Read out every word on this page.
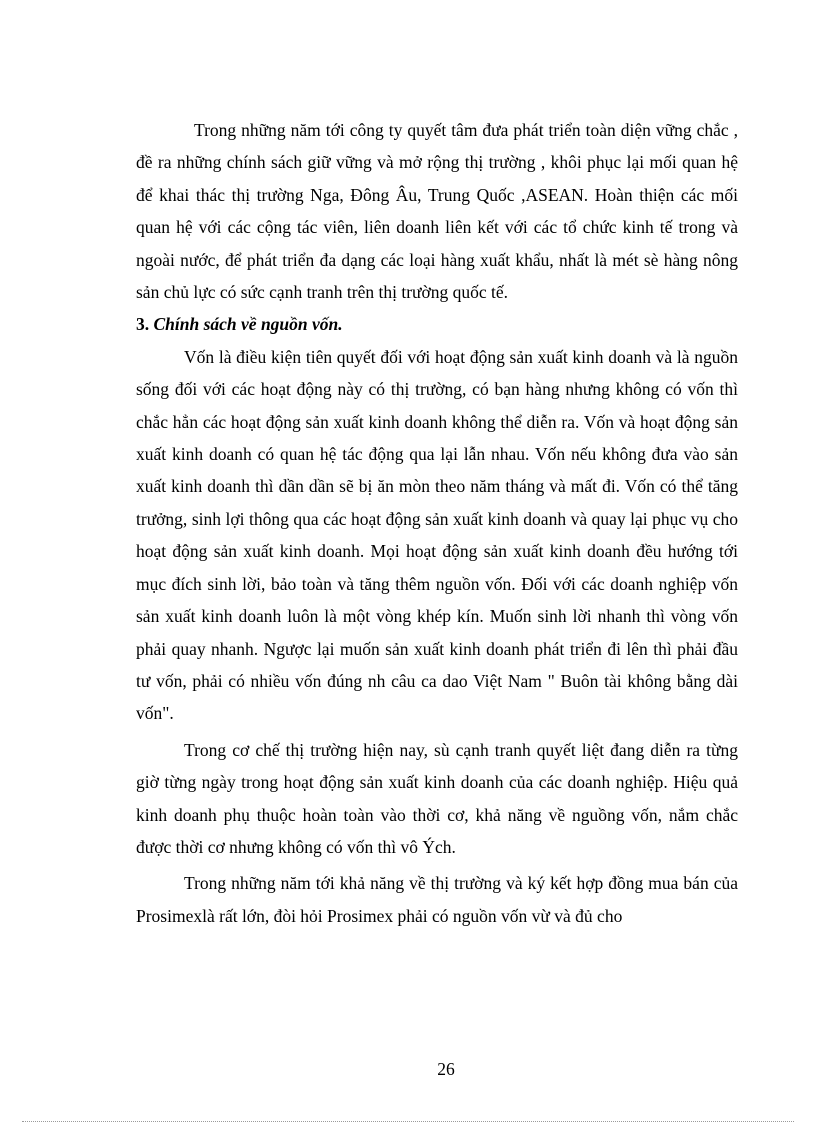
Trong những năm tới công ty quyết tâm đưa phát triển toàn diện vững chắc , đề ra những chính sách giữ vững và mở rộng thị trường , khôi phục lại mối quan hệ để khai thác thị trường Nga, Đông Âu, Trung Quốc ,ASEAN. Hoàn thiện các mối quan hệ với các cộng tác viên, liên doanh liên kết với các tổ chức kinh tế trong và ngoài nước, để phát triển đa dạng các loại hàng xuất khẩu, nhất là mét sè hàng nông sản chủ lực có sức cạnh tranh trên thị trường quốc tế.

3. Chính sách về nguồn vốn.

Vốn là điều kiện tiên quyết đối với hoạt động sản xuất kinh doanh và là nguồn sống đối với các hoạt động này có thị trường, có bạn hàng nhưng không có vốn thì chắc hẳn các hoạt động sản xuất kinh doanh không thể diễn ra. Vốn và hoạt động sản xuất kinh doanh có quan hệ tác động qua lại lẫn nhau. Vốn nếu không đưa vào sản xuất kinh doanh thì dần dần sẽ bị ăn mòn theo năm tháng và mất đi. Vốn có thể tăng trưởng, sinh lợi thông qua các hoạt động sản xuất kinh doanh và quay lại phục vụ cho hoạt động sản xuất kinh doanh. Mọi hoạt động sản xuất kinh doanh đều hướng tới mục đích sinh lời, bảo toàn và tăng thêm nguồn vốn. Đối với các doanh nghiệp vốn sản xuất kinh doanh luôn là một vòng khép kín. Muốn sinh lời nhanh thì vòng vốn phải quay nhanh. Ngược lại muốn sản xuất kinh doanh phát triển đi lên thì phải đầu tư vốn, phải có nhiều vốn đúng nh câu ca dao Việt Nam " Buôn tài không bằng dài vốn".

Trong cơ chế thị trường hiện nay, sù cạnh tranh quyết liệt đang diễn ra từng giờ từng ngày trong hoạt động sản xuất kinh doanh của các doanh nghiệp. Hiệu quả kinh doanh phụ thuộc hoàn toàn vào thời cơ, khả năng về nguồng vốn, nắm chắc được thời cơ nhưng không có vốn thì vô Ých.

Trong những năm tới khả năng về thị trường và ký kết hợp đồng mua bán của Prosimexlà rất lớn, đòi hỏi Prosimex phải có nguồn vốn vừ và đủ cho

26
